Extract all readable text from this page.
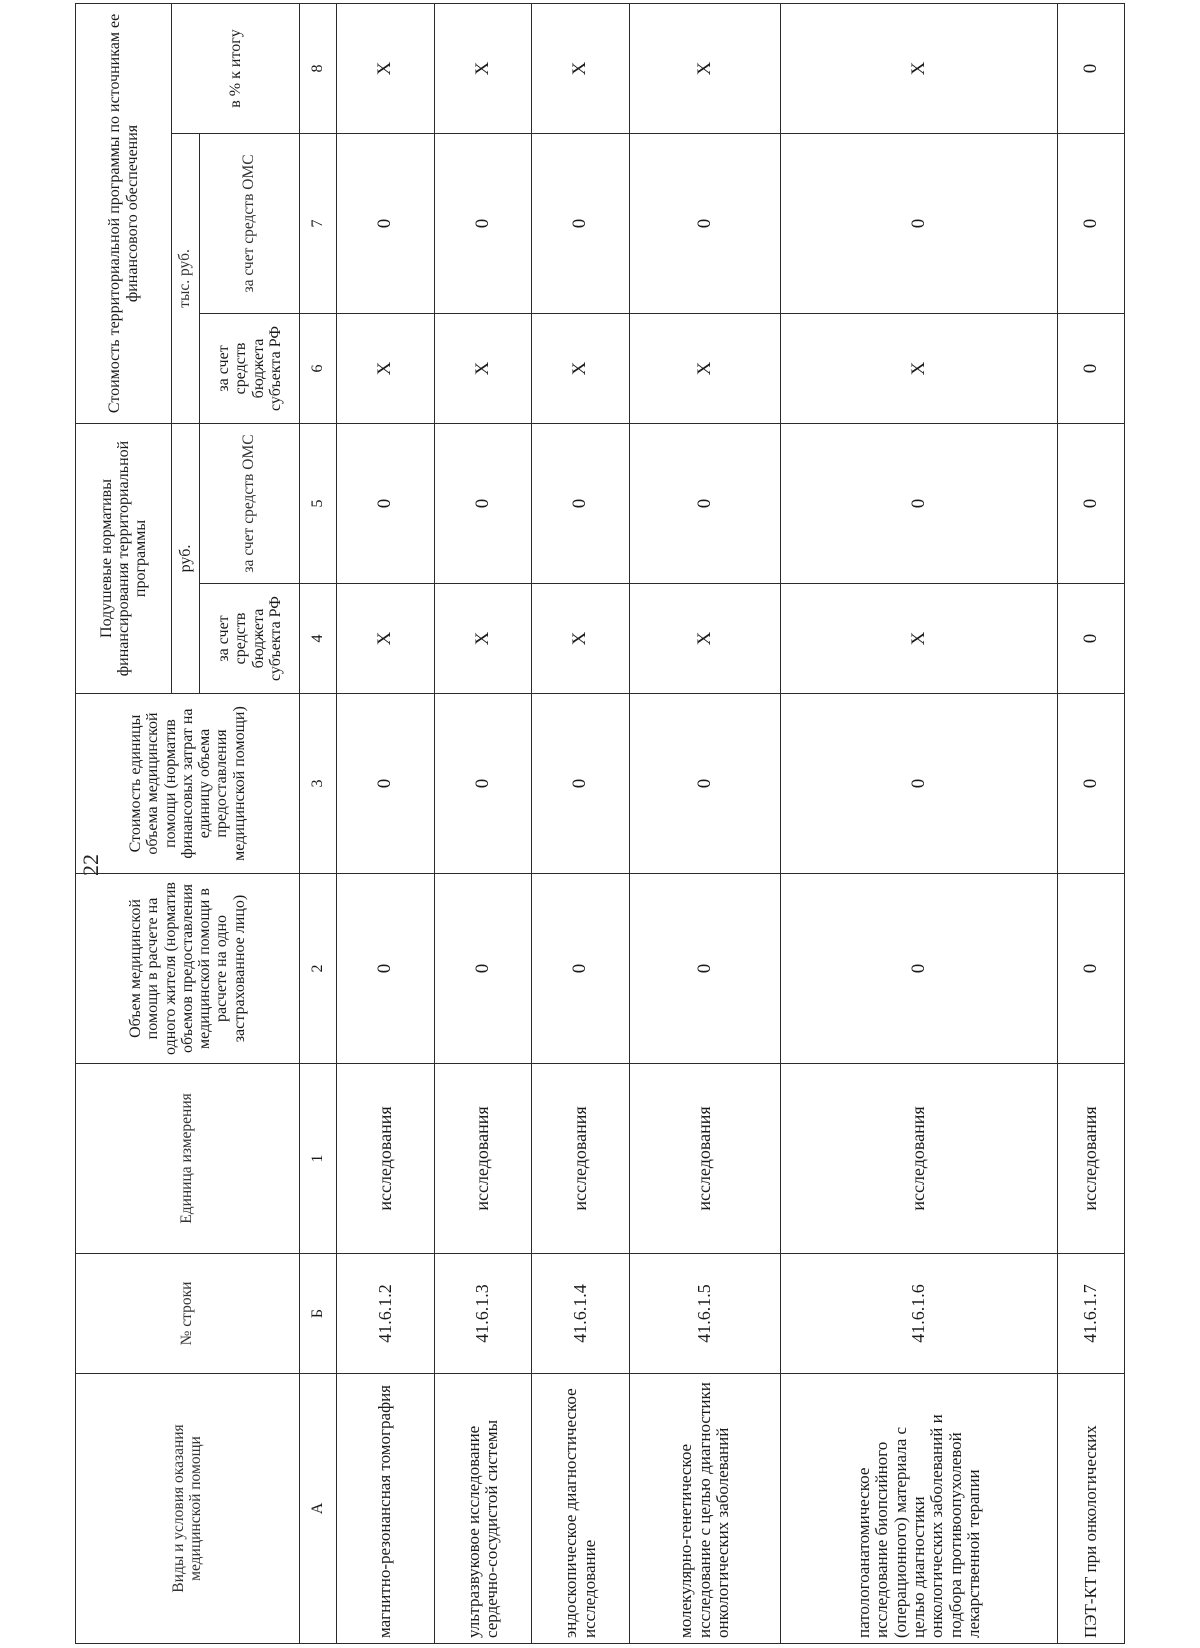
22
Виды и условия оказания медицинской помощи	№ строки	Единица измерения	Объем медицинской помощи в расчете на одного жителя (норматив объемов предоставления медицинской помощи в расчете на одно застрахованное лицо)	Стоимость единицы объема медицинской помощи (норматив финансовых затрат на единицу объема предоставления медицинской помощи)	Подушевые нормативы финансирования территориальной программы		Стоимость территориальной программы по источникам ее финансового обеспечения		
					руб.		тыс. руб.		в % к итогу
					за счет средств бюджета субъекта РФ	за счет средств ОМС	за счет средств бюджета субъекта РФ	за счет средств ОМС	
А	Б	1	2	3	4	5	6	7	8
магнитно-резонансная томография	41.6.1.2	исследования	0	0	Х	0	Х	0	Х
ультразвуковое исследование сердечно-сосудистой системы	41.6.1.3	исследования	0	0	Х	0	Х	0	Х
эндоскопическое диагностическое исследование	41.6.1.4	исследования	0	0	Х	0	Х	0	Х
молекулярно-генетическое исследование с целью диагностики онкологических заболеваний	41.6.1.5	исследования	0	0	Х	0	Х	0	Х
патологоанатомическое исследование биопсийного (операционного) материала с целью диагностики онкологических заболеваний и подбора противоопухолевой лекарственной терапии	41.6.1.6	исследования	0	0	Х	0	Х	0	Х
ПЭТ-КТ при онкологических	41.6.1.7	исследования	0	0	0	0	0	0	0
